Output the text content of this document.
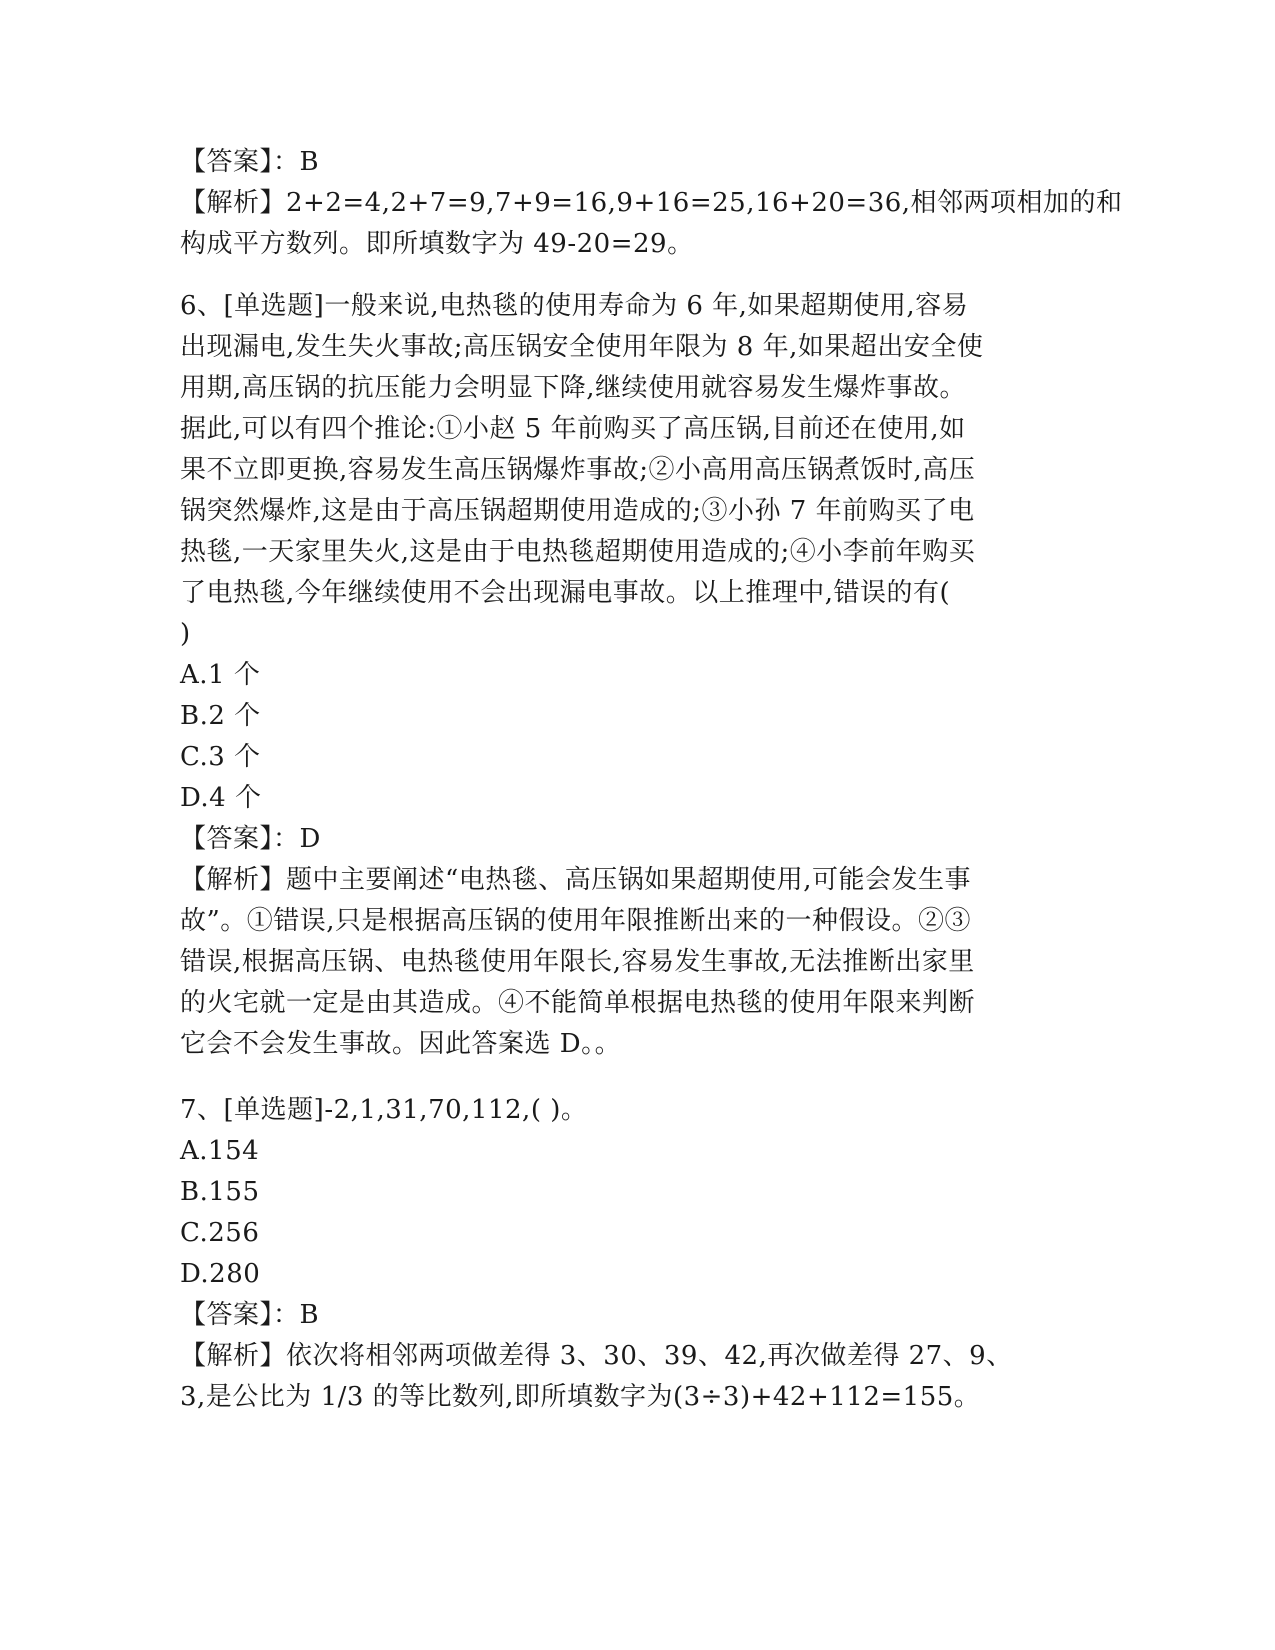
【答案】：B
【解析】2+2=4,2+7=9,7+9=16,9+16=25,16+20=36,相邻两项相加的和
构成平方数列。即所填数字为 49-20=29。
6、[单选题]一般来说,电热毯的使用寿命为 6 年,如果超期使用,容易
出现漏电,发生失火事故;高压锅安全使用年限为 8 年,如果超出安全使
用期,高压锅的抗压能力会明显下降,继续使用就容易发生爆炸事故。
据此,可以有四个推论:①小赵 5 年前购买了高压锅,目前还在使用,如
果不立即更换,容易发生高压锅爆炸事故;②小高用高压锅煮饭时,高压
锅突然爆炸,这是由于高压锅超期使用造成的;③小孙 7 年前购买了电
热毯,一天家里失火,这是由于电热毯超期使用造成的;④小李前年购买
了电热毯,今年继续使用不会出现漏电事故。以上推理中,错误的有(
)
A.1 个
B.2 个
C.3 个
D.4 个
【答案】：D
【解析】题中主要阐述“电热毯、高压锅如果超期使用,可能会发生事
故”。①错误,只是根据高压锅的使用年限推断出来的一种假设。②③
错误,根据高压锅、电热毯使用年限长,容易发生事故,无法推断出家里
的火宅就一定是由其造成。④不能简单根据电热毯的使用年限来判断
它会不会发生事故。因此答案选 D。。
7、[单选题]-2,1,31,70,112,( )。
A.154
B.155
C.256
D.280
【答案】：B
【解析】依次将相邻两项做差得 3、30、39、42,再次做差得 27、9、
3,是公比为 1/3 的等比数列,即所填数字为(3÷3)+42+112=155。
